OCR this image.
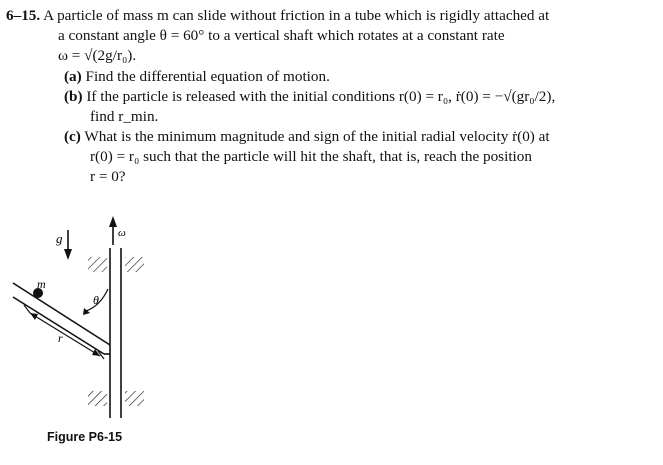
6–15. A particle of mass m can slide without friction in a tube which is rigidly attached at
a constant angle θ = 60° to a vertical shaft which rotates at a constant rate
ω = √(2g/r₀).
(a) Find the differential equation of motion.
(b) If the particle is released with the initial conditions r(0) = r₀, ṙ(0) = −√(gr₀/2),
find r_min.
(c) What is the minimum magnitude and sign of the initial radial velocity ṙ(0) at
r(0) = r₀ such that the particle will hit the shaft, that is, reach the position
r = 0?
g	ω
m
θ
r
Figure P6-15
